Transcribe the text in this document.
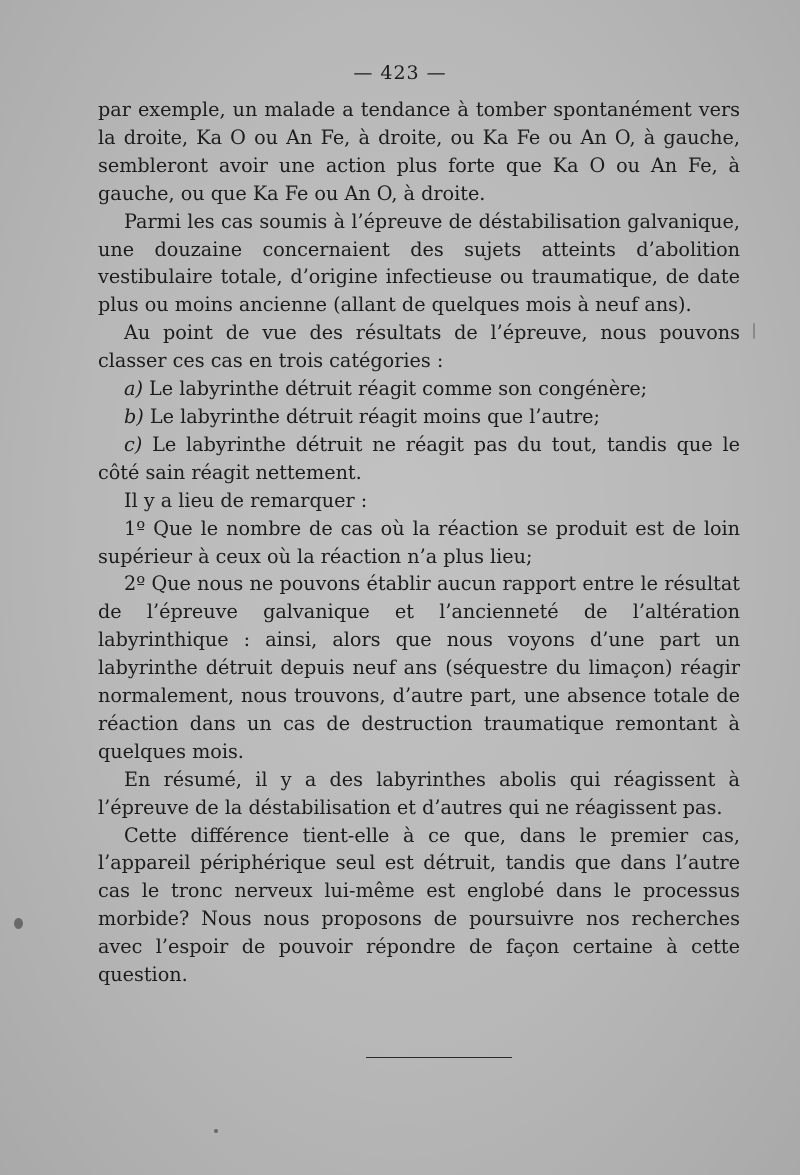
— 423 —

par exemple, un malade a tendance à tomber spontanément vers la droite, Ka O ou An Fe, à droite, ou Ka Fe ou An O, à gauche, sembleront avoir une action plus forte que Ka O ou An Fe, à gauche, ou que Ka Fe ou An O, à droite.

Parmi les cas soumis à l’épreuve de déstabilisation galvanique, une douzaine concernaient des sujets atteints d’abolition vestibulaire totale, d’origine infectieuse ou traumatique, de date plus ou moins ancienne (allant de quelques mois à neuf ans).

Au point de vue des résultats de l’épreuve, nous pouvons classer ces cas en trois catégories :

a) Le labyrinthe détruit réagit comme son congénère;

b) Le labyrinthe détruit réagit moins que l’autre;

c) Le labyrinthe détruit ne réagit pas du tout, tandis que le côté sain réagit nettement.

Il y a lieu de remarquer :

1º Que le nombre de cas où la réaction se produit est de loin supérieur à ceux où la réaction n’a plus lieu;

2º Que nous ne pouvons établir aucun rapport entre le résultat de l’épreuve galvanique et l’ancienneté de l’altération labyrinthique : ainsi, alors que nous voyons d’une part un labyrinthe détruit depuis neuf ans (séquestre du limaçon) réagir normalement, nous trouvons, d’autre part, une absence totale de réaction dans un cas de destruction traumatique remontant à quelques mois.

En résumé, il y a des labyrinthes abolis qui réagissent à l’épreuve de la déstabilisation et d’autres qui ne réagissent pas.

Cette différence tient-elle à ce que, dans le premier cas, l’appareil périphérique seul est détruit, tandis que dans l’autre cas le tronc nerveux lui-même est englobé dans le processus morbide? Nous nous proposons de poursuivre nos recherches avec l’espoir de pouvoir répondre de façon certaine à cette question.
